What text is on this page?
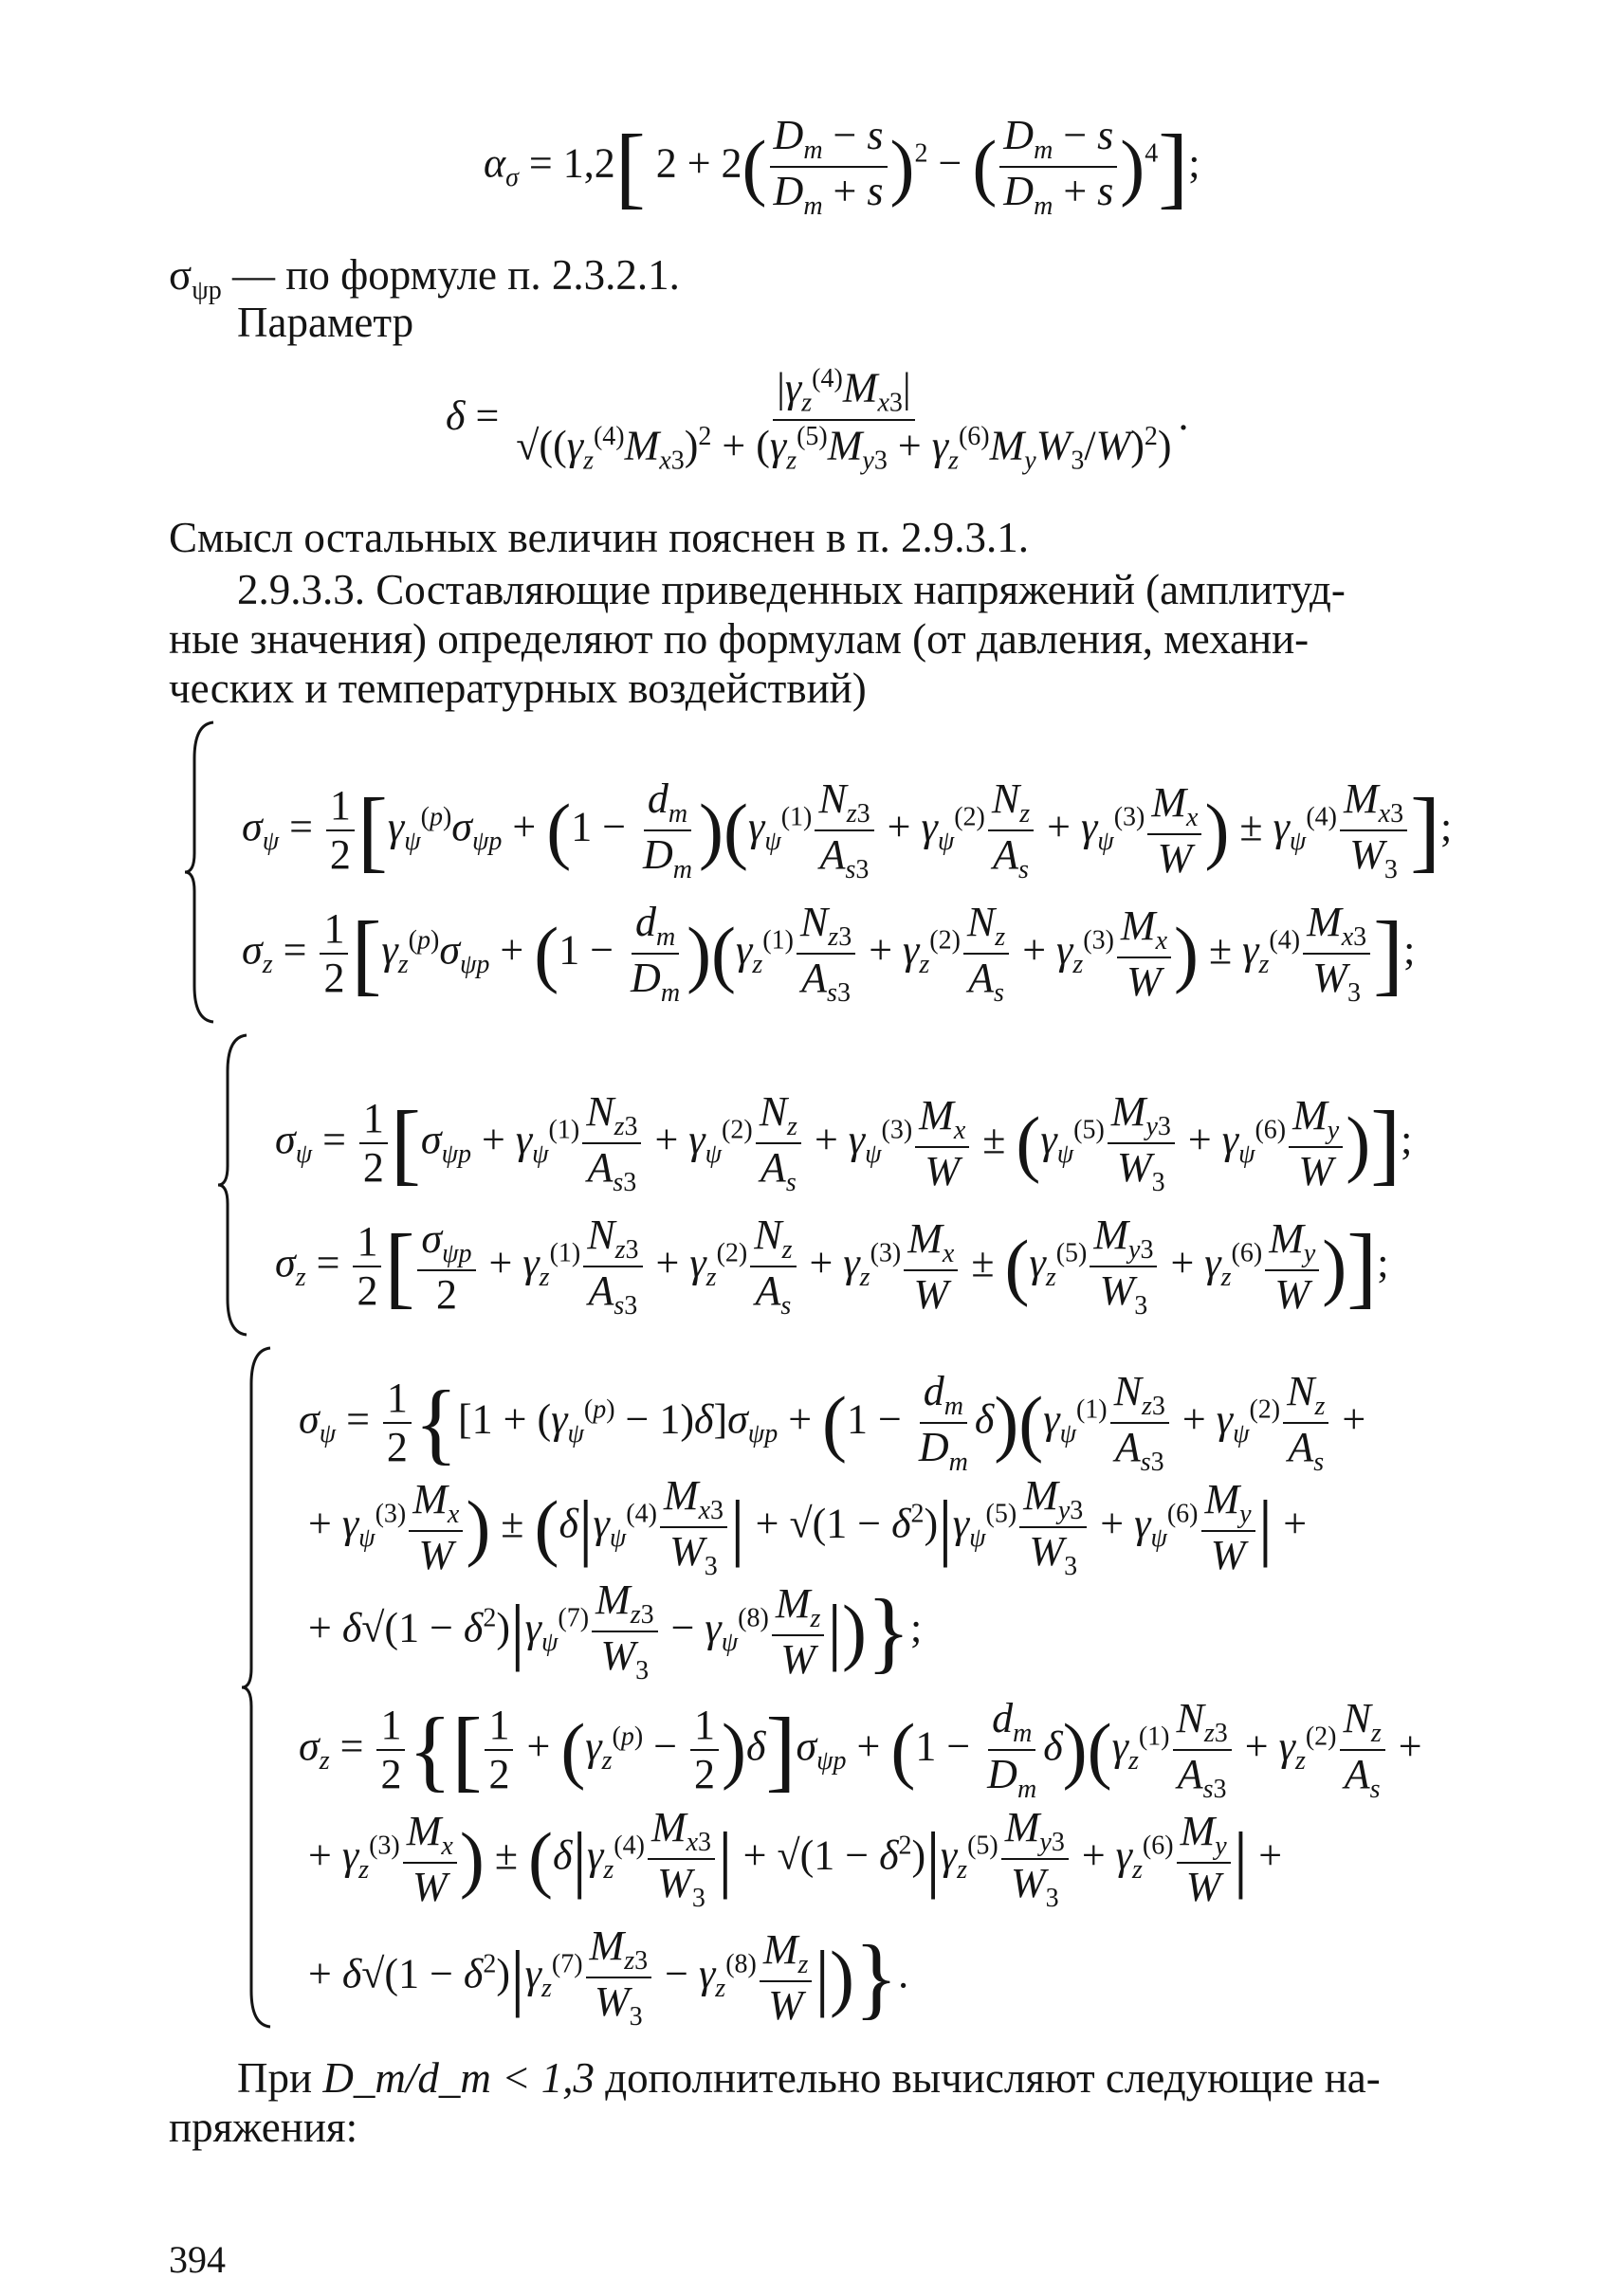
$\alpha_\sigma = 1,2$[ $2 + 2( \frac{D_m - s}{D_m + s} )^2$ − ( $\frac{D_m - s}{D_m + s} )^4$];
$\sigma_{\psi p}$ — по формуле п. 2.3.2.1.
Параметр
$\delta = \frac{|\gamma_z^{(4)}M_{x3}|}{√((\gamma_z^{(4)}M_{x3})^2 + (\gamma_z^{(5)}M_{y3} + \gamma_z^{(6)}M_yW_3/W)^2)}$ .
Смысл остальных величин пояснен в п. 2.9.3.1.
2.9.3.3. Составляющие приведенных напряжений (амплитуд-
ные значения) определяют по формулам (от давления, механи-
ческих и температурных воздействий)
$\sigma_\psi = \frac{1}{2} [\gamma_\psi^{(p)}\sigma_{\psi p} + (1 - \frac{d_m}{D_m} )(\gamma_\psi^{(1)} \frac{N_{z3}}{A_{s3}} + \gamma_\psi^{(2)} \frac{N_z}{A_s} + \gamma_\psi^{(3)} \frac{M_x}{W}$ ) ± $\gamma_\psi^{(4)} \frac{M_{x3}}{W_3}$ ];
$\sigma_z = \frac{1}{2} [\gamma_z^{(p)}\sigma_{\psi p} + (1 - \frac{d_m}{D_m} )(\gamma_z^{(1)} \frac{N_{z3}}{A_{s3}} + \gamma_z^{(2)} \frac{N_z}{A_s} + \gamma_z^{(3)} \frac{M_x}{W}$ ) ± $\gamma_z^{(4)} \frac{M_{x3}}{W_3}$ ];
$\sigma_\psi = \frac{1}{2} [\sigma_{\psi p} + \gamma_\psi^{(1)} \frac{N_{z3}}{A_{s3}} + \gamma_\psi^{(2)} \frac{N_z}{A_s} + \gamma_\psi^{(3)} \frac{M_x}{W} \pm (\gamma_\psi^{(5)} \frac{M_{y3}}{W_3} + \gamma_\psi^{(6)} \frac{M_y}{W}$ )];
$\sigma_z = \frac{1}{2}$ [ $\frac{\sigma_{\psi p}}{2} + \gamma_z^{(1)} \frac{N_{z3}}{A_{s3}} + \gamma_z^{(2)} \frac{N_z}{A_s} + \gamma_z^{(3)} \frac{M_x}{W} \pm (\gamma_z^{(5)} \frac{M_{y3}}{W_3} + \gamma_z^{(6)} \frac{M_y}{W}$ )];
$\sigma_\psi = \frac{1}{2} \{[1 + (\gamma_\psi^{(p)} - 1)\delta]\sigma_{\psi p} + (1 - \frac{d_m}{D_m} \delta)(\gamma_\psi^{(1)} \frac{N_{z3}}{A_{s3}} + \gamma_\psi^{(2)} \frac{N_z}{A_s}$ +
+ $\gamma_\psi^{(3)} \frac{M_x}{W}$ ) ± ($\delta|\gamma_\psi^{(4)} \frac{M_{x3}}{W_3}$ | + $√(1 - \delta^2)|\gamma_\psi^{(5)} \frac{M_{y3}}{W_3} + \gamma_\psi^{(6)} \frac{M_y}{W}$ | +
+ $\delta√(1 - \delta^2)|\gamma_\psi^{(7)} \frac{M_{z3}}{W_3} - \gamma_\psi^{(8)} \frac{M_z}{W}$ |)};
$\sigma_z = \frac{1}{2}$ {[ $\frac{1}{2} + (\gamma_z^{(p)} - \frac{1}{2} )\delta]\sigma_{\psi p} + (1 - \frac{d_m}{D_m} \delta)(\gamma_z^{(1)} \frac{N_{z3}}{A_{s3}} + \gamma_z^{(2)} \frac{N_z}{A_s}$ +
+ $\gamma_z^{(3)} \frac{M_x}{W}$ ) ± ($\delta|\gamma_z^{(4)} \frac{M_{x3}}{W_3}$ | + $√(1 - \delta^2)|\gamma_z^{(5)} \frac{M_{y3}}{W_3} + \gamma_z^{(6)} \frac{M_y}{W}$ | +
+ $\delta√(1 - \delta^2)|\gamma_z^{(7)} \frac{M_{z3}}{W_3} - \gamma_z^{(8)} \frac{M_z}{W}$ |)}.
При D_m/d_m < 1,3 дополнительно вычисляют следующие на-
пряжения:
394
